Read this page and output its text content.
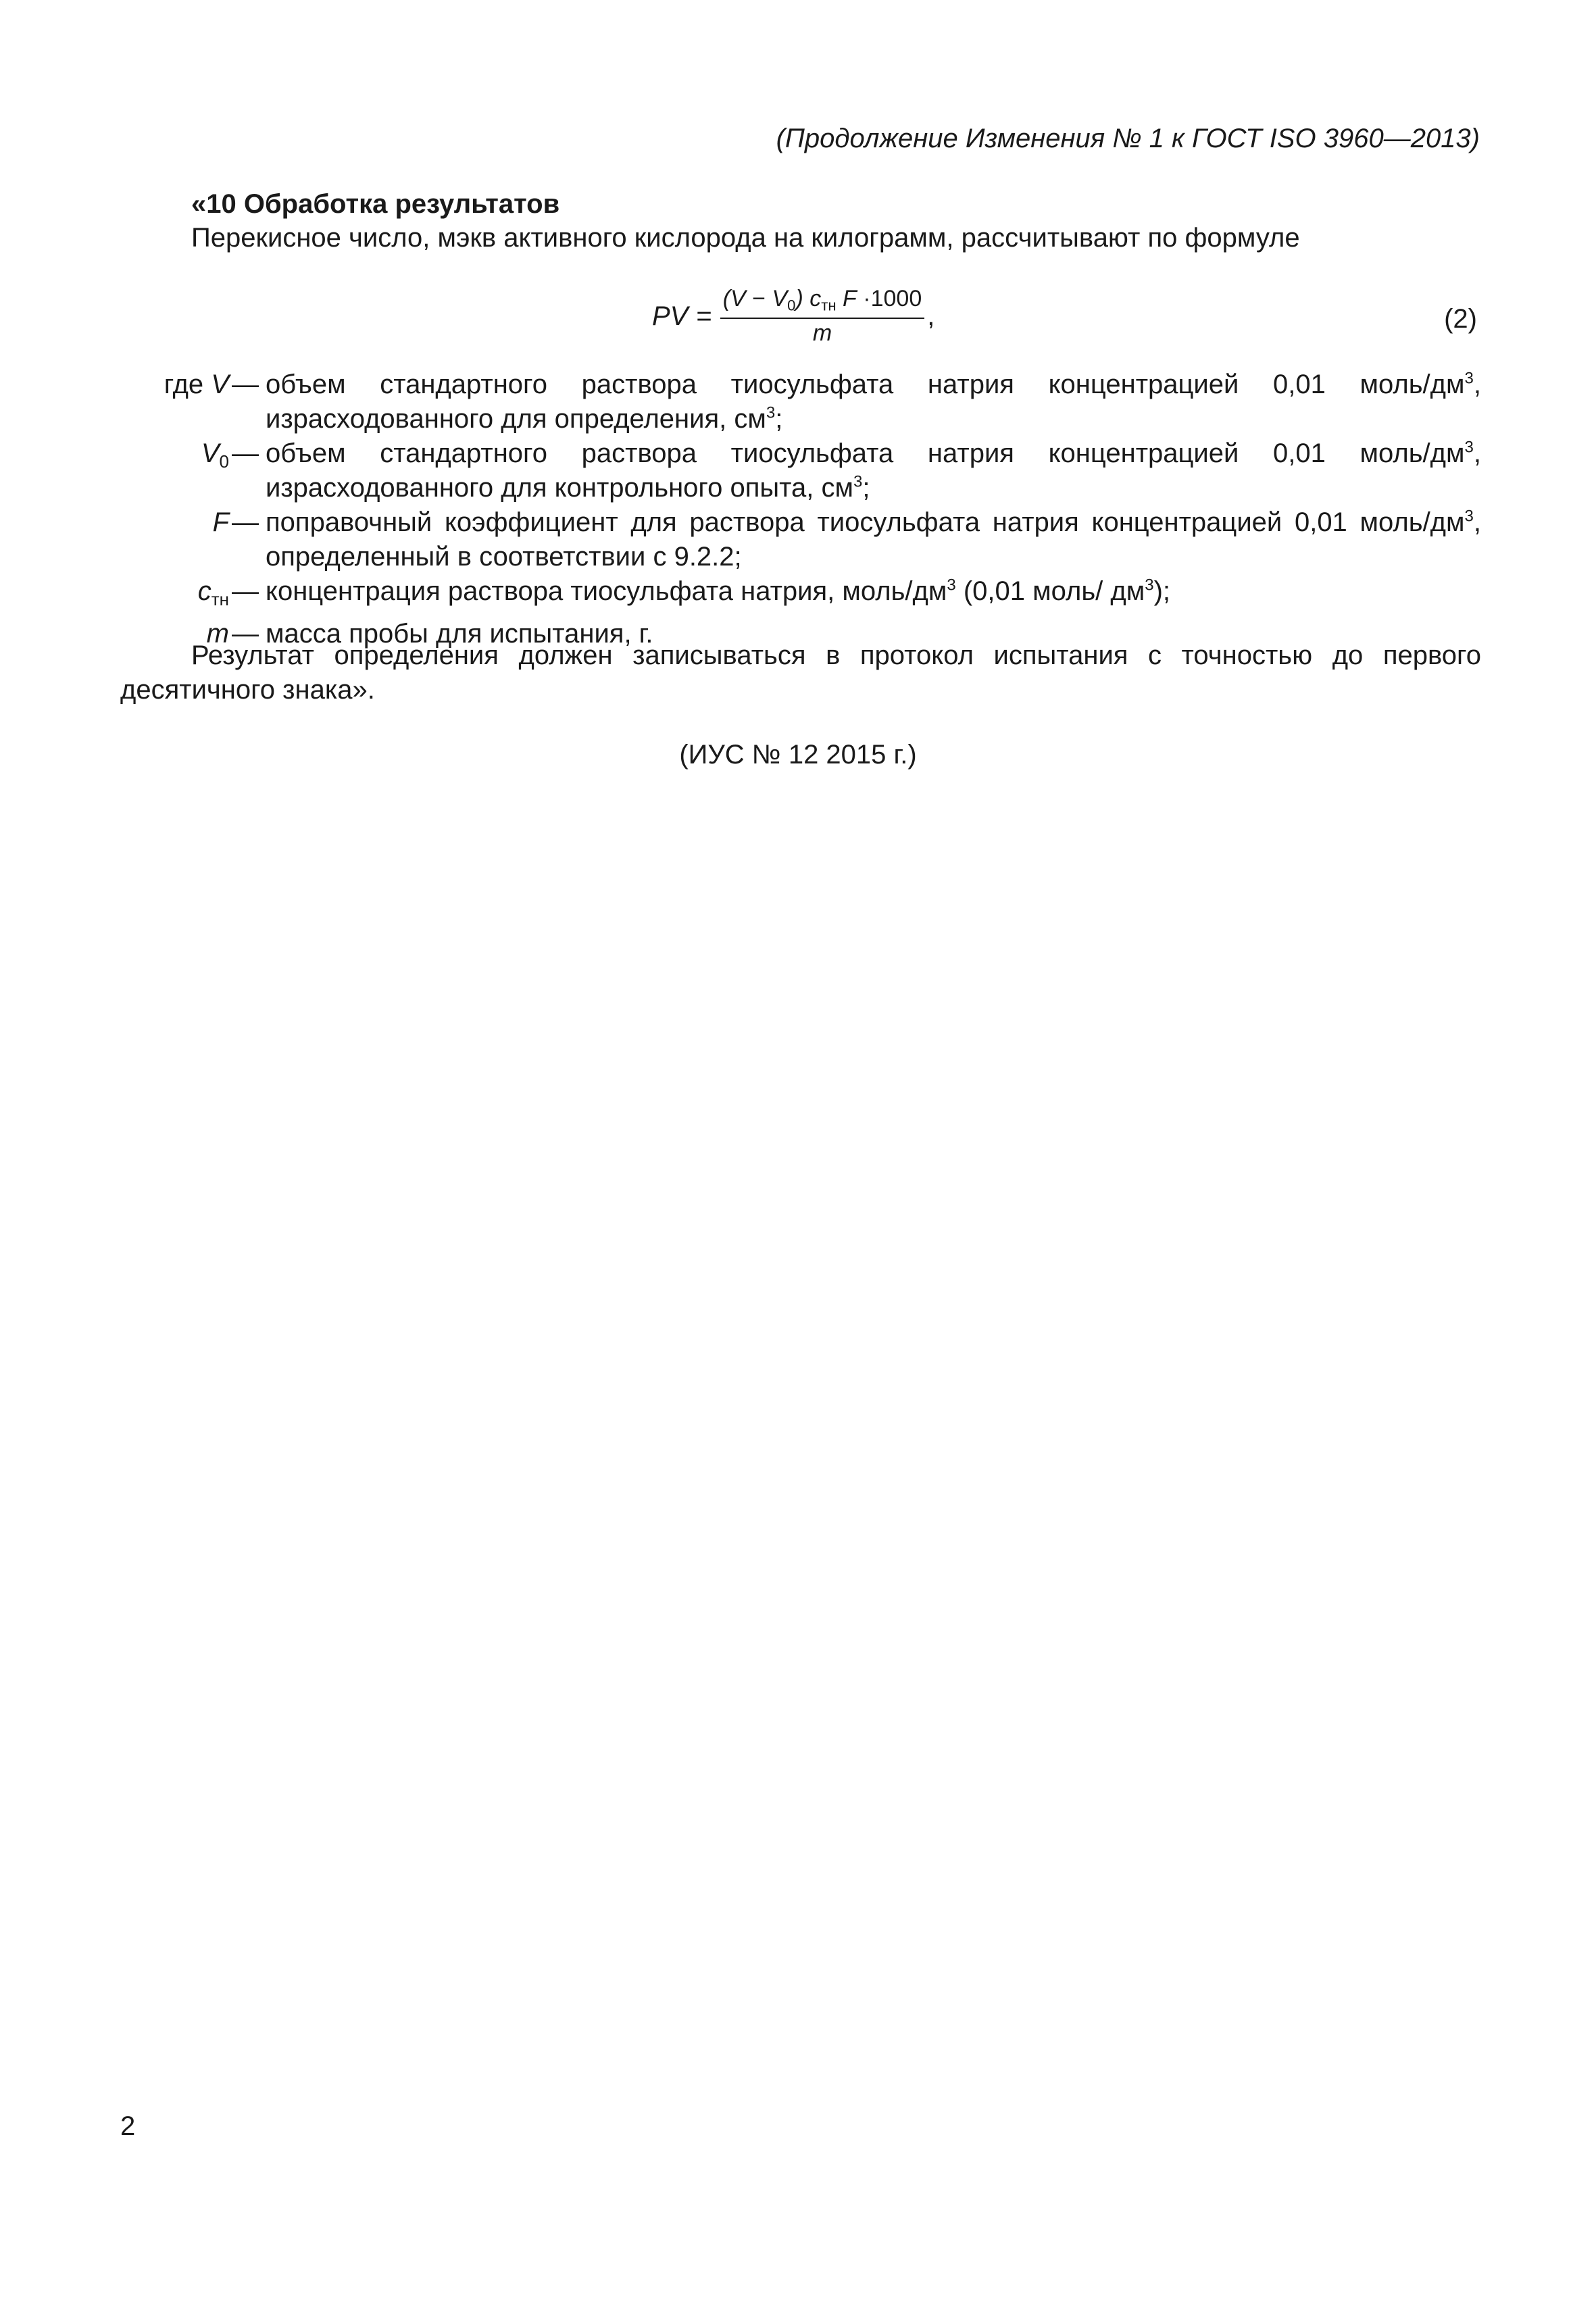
(Продолжение Изменения № 1 к ГОСТ ISO 3960—2013)
«10 Обработка результатов
Перекисное число, мэкв активного кислорода на килограмм, рассчитывают по формуле
PV = $\frac{(V - V_0) c_{тн} F \cdot 1000}{m}$ ,	(2)
где V — объем стандартного раствора тиосульфата натрия концентрацией 0,01 моль/$дм^3$, израсходованного для определения, $см^3$;
$V_0$ — объем стандартного раствора тиосульфата натрия концентрацией 0,01 моль/$дм^3$, израсходованного для контрольного опыта, $см^3$;
F — поправочный коэффициент для раствора тиосульфата натрия концентрацией 0,01 моль/$дм^3$, определенный в соответствии с 9.2.2;
$c_{тн}$ — концентрация раствора тиосульфата натрия, моль/$дм^3$ (0,01 моль/ $дм^3$);
m — масса пробы для испытания, г.
Результат определения должен записываться в протокол испытания с точностью до первого десятичного знака».
(ИУС № 12 2015 г.)
2
